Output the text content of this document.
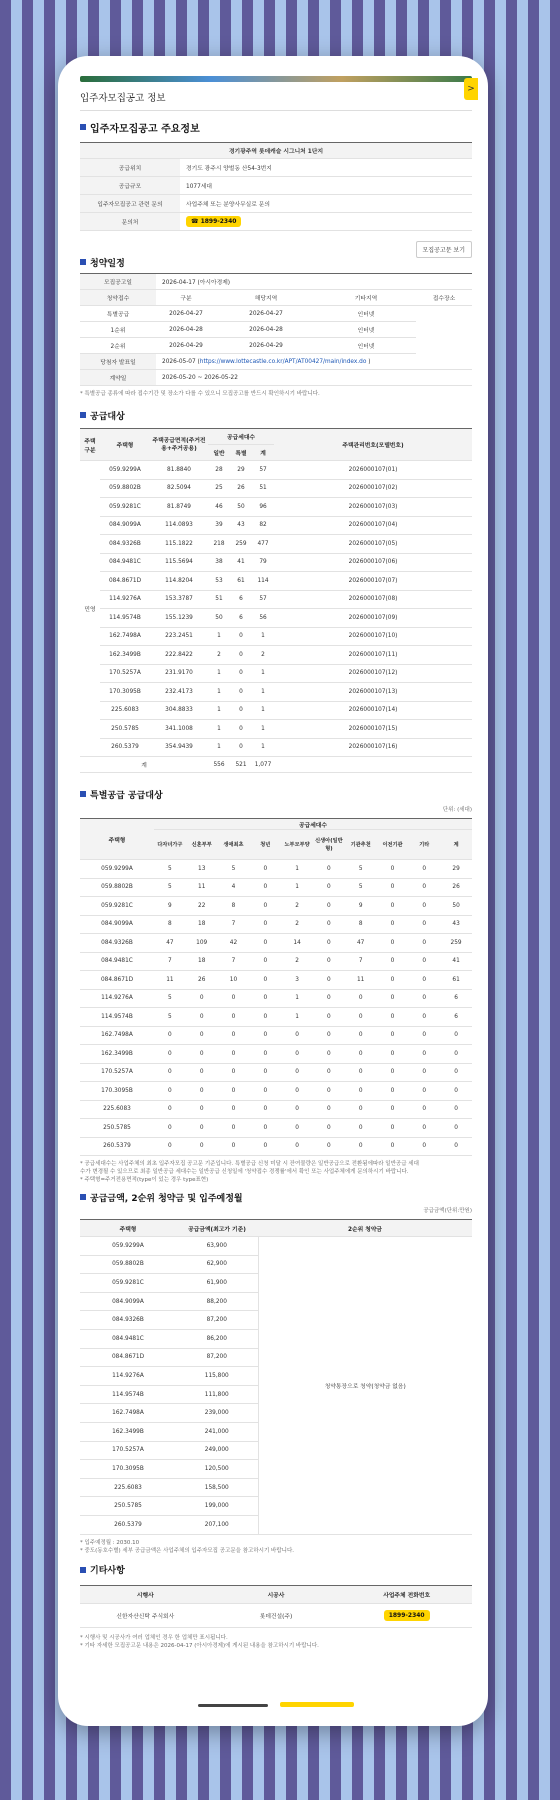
입주자모집공고 정보
>
입주자모집공고 주요정보
경기광주역 롯데캐슬 시그니처 1단지	
공급위치	경기도 광주시 양벌동 산54-3번지
공급규모	1077세대
입주자모집공고 관련 문의	사업주체 또는 분양사무실로 문의
문의처	☎ 1899-2340
모집공고문 보기
청약일정
모집공고일	2026-04-17 (아시아경제)			
청약접수	구분	해당지역	기타지역	접수장소
특별공급	2026-04-27	2026-04-27	인터넷	
1순위	2026-04-28	2026-04-28	인터넷	
2순위	2026-04-29	2026-04-29	인터넷	
당첨자 발표일	2026-05-07 (https://www.lottecastle.co.kr/APT/AT00427/main/index.do )			
계약일	2026-05-20 ~ 2026-05-22			
* 특별공급 종류에 따라 접수기간 및 장소가 다를 수 있으니 모집공고를 반드시 확인하시기 바랍니다.
공급대상
주택구분	주택형	주택공급면적(주거전용+주거공용)	공급세대수			주택관리번호(모델번호)
			일반	특별	계	
민영	059.9299A	81.8840	28	29	57	2026000107(01)
	059.8802B	82.5094	25	26	51	2026000107(02)
	059.9281C	81.8749	46	50	96	2026000107(03)
	084.9099A	114.0893	39	43	82	2026000107(04)
	084.9326B	115.1822	218	259	477	2026000107(05)
	084.9481C	115.5694	38	41	79	2026000107(06)
	084.8671D	114.8204	53	61	114	2026000107(07)
	114.9276A	153.3787	51	6	57	2026000107(08)
	114.9574B	155.1239	50	6	56	2026000107(09)
	162.7498A	223.2451	1	0	1	2026000107(10)
	162.3499B	222.8422	2	0	2	2026000107(11)
	170.5257A	231.9170	1	0	1	2026000107(12)
	170.3095B	232.4173	1	0	1	2026000107(13)
	225.6083	304.8833	1	0	1	2026000107(14)
	250.5785	341.1008	1	0	1	2026000107(15)
	260.5379	354.9439	1	0	1	2026000107(16)
계			556	521	1,077	
특별공급 공급대상
단위: (세대)
주택형	공급세대수									
	다자녀가구	신혼부부	생애최초	청년	노부모부양	신생아(일반형)	기관추천	이전기관	기타	계
059.9299A	5	13	5	0	1	0	5	0	0	29
059.8802B	5	11	4	0	1	0	5	0	0	26
059.9281C	9	22	8	0	2	0	9	0	0	50
084.9099A	8	18	7	0	2	0	8	0	0	43
084.9326B	47	109	42	0	14	0	47	0	0	259
084.9481C	7	18	7	0	2	0	7	0	0	41
084.8671D	11	26	10	0	3	0	11	0	0	61
114.9276A	5	0	0	0	1	0	0	0	0	6
114.9574B	5	0	0	0	1	0	0	0	0	6
162.7498A	0	0	0	0	0	0	0	0	0	0
162.3499B	0	0	0	0	0	0	0	0	0	0
170.5257A	0	0	0	0	0	0	0	0	0	0
170.3095B	0	0	0	0	0	0	0	0	0	0
225.6083	0	0	0	0	0	0	0	0	0	0
250.5785	0	0	0	0	0	0	0	0	0	0
260.5379	0	0	0	0	0	0	0	0	0	0
* 공급세대수는 사업주체의 최초 입주자모집 공고문 기준입니다. 특별공급 신청 미달 시 잔여물량은 일반공급으로 전환됨에따라 일반공급 세대
수가 변경될 수 있으므로 최종 일반공급 세대수는 일반공급 신청일에 '청약접수 경쟁률'에서 확인 또는 사업주체에게 문의하시기 바랍니다.
* 주택형=주거전용면적(type이 있는 경우 type표현)
공급금액, 2순위 청약금 및 입주예정월
공급금액(단위:만원)
주택형	공급금액(최고가 기준)	2순위 청약금
059.9299A	63,900	청약통장으로 청약(청약금 없음)
059.8802B	62,900	
059.9281C	61,900	
084.9099A	88,200	
084.9326B	87,200	
084.9481C	86,200	
084.8671D	87,200	
114.9276A	115,800	
114.9574B	111,800	
162.7498A	239,000	
162.3499B	241,000	
170.5257A	249,000	
170.3095B	120,500	
225.6083	158,500	
250.5785	199,000	
260.5379	207,100	
* 입주예정월 : 2030.10
* 중도(동호수별) 세부 공급금액은 사업주체의 입주자모집 공고문을 참고하시기 바랍니다.
기타사항
시행사	시공사	사업주체 전화번호
신한자산신탁 주식회사	롯데건설(주)	1899-2340
* 시행사 및 시공사가 여러 업체인 경우 한 업체만 표시됩니다.
* 기타 자세한 모집공고문 내용은 2026-04-17 (아시아경제)에 게시된 내용을 참고하시기 바랍니다.
